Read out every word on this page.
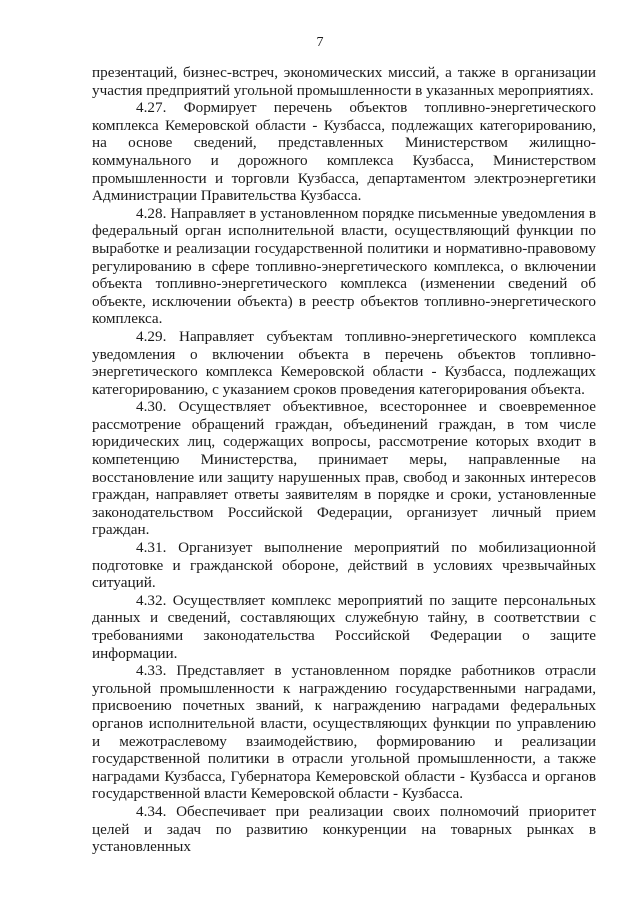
7

презентаций, бизнес-встреч, экономических миссий, а также в организации участия предприятий угольной промышленности в указанных мероприятиях.

4.27. Формирует перечень объектов топливно-энергетического комплекса Кемеровской области - Кузбасса, подлежащих категорированию, на основе сведений, представленных Министерством жилищно-коммунального и дорожного комплекса Кузбасса, Министерством промышленности и торговли Кузбасса, департаментом электроэнергетики Администрации Правительства Кузбасса.

4.28. Направляет в установленном порядке письменные уведомления в федеральный орган исполнительной власти, осуществляющий функции по выработке и реализации государственной политики и нормативно-правовому регулированию в сфере топливно-энергетического комплекса, о включении объекта топливно-энергетического комплекса (изменении сведений об объекте, исключении объекта) в реестр объектов топливно-энергетического комплекса.

4.29. Направляет субъектам топливно-энергетического комплекса уведомления о включении объекта в перечень объектов топливно-энергетического комплекса Кемеровской области - Кузбасса, подлежащих категорированию, с указанием сроков проведения категорирования объекта.

4.30. Осуществляет объективное, всестороннее и своевременное рассмотрение обращений граждан, объединений граждан, в том числе юридических лиц, содержащих вопросы, рассмотрение которых входит в компетенцию Министерства, принимает меры, направленные на восстановление или защиту нарушенных прав, свобод и законных интересов граждан, направляет ответы заявителям в порядке и сроки, установленные законодательством Российской Федерации, организует личный прием граждан.

4.31. Организует выполнение мероприятий по мобилизационной подготовке и гражданской обороне, действий в условиях чрезвычайных ситуаций.

4.32. Осуществляет комплекс мероприятий по защите персональных данных и сведений, составляющих служебную тайну, в соответствии с требованиями законодательства Российской Федерации о защите информации.

4.33. Представляет в установленном порядке работников отрасли угольной промышленности к награждению государственными наградами, присвоению почетных званий, к награждению наградами федеральных органов исполнительной власти, осуществляющих функции по управлению и межотраслевому взаимодействию, формированию и реализации государственной политики в отрасли угольной промышленности, а также наградами Кузбасса, Губернатора Кемеровской области - Кузбасса и органов государственной власти Кемеровской области - Кузбасса.

4.34. Обеспечивает при реализации своих полномочий приоритет целей и задач по развитию конкуренции на товарных рынках в установленных
